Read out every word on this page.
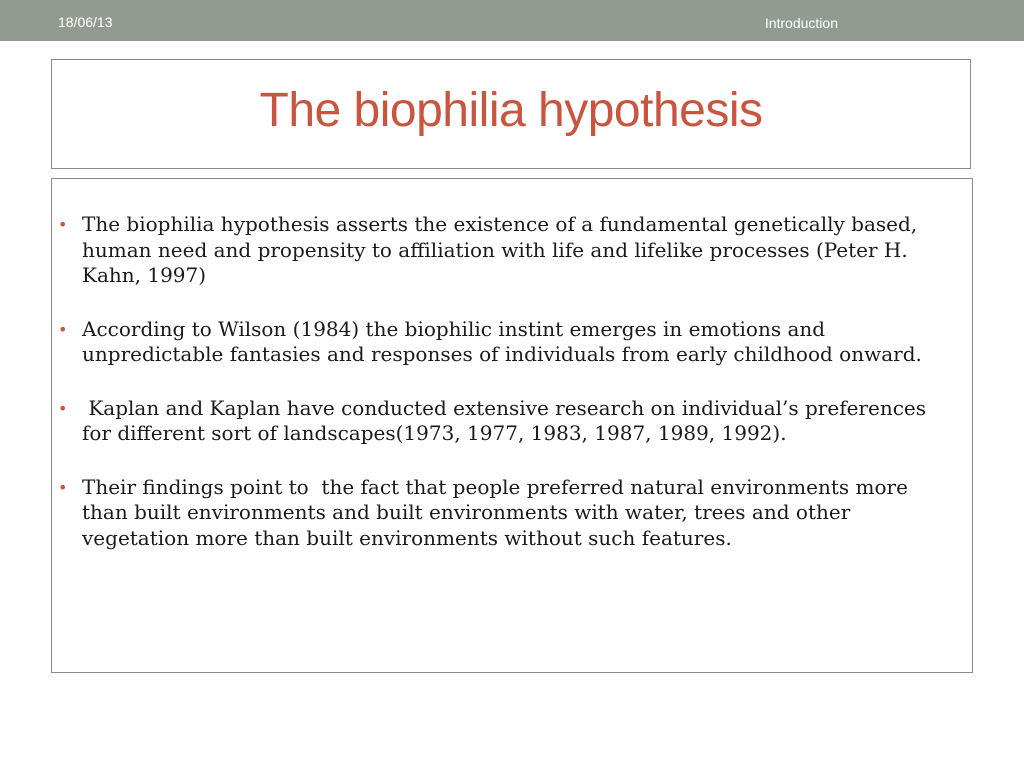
18/06/13	Introduction
The biophilia hypothesis
• The biophilia hypothesis asserts the existence of a fundamental genetically based, human need and propensity to affiliation with life and lifelike processes (Peter H. Kahn, 1997)
• According to Wilson (1984) the biophilic instint emerges in emotions and unpredictable fantasies and responses of individuals from early childhood onward.
• Kaplan and Kaplan have conducted extensive research on individual’s preferences for different sort of landscapes(1973, 1977, 1983, 1987, 1989, 1992).
• Their findings point to  the fact that people preferred natural environments more than built environments and built environments with water, trees and other vegetation more than built environments without such features.
